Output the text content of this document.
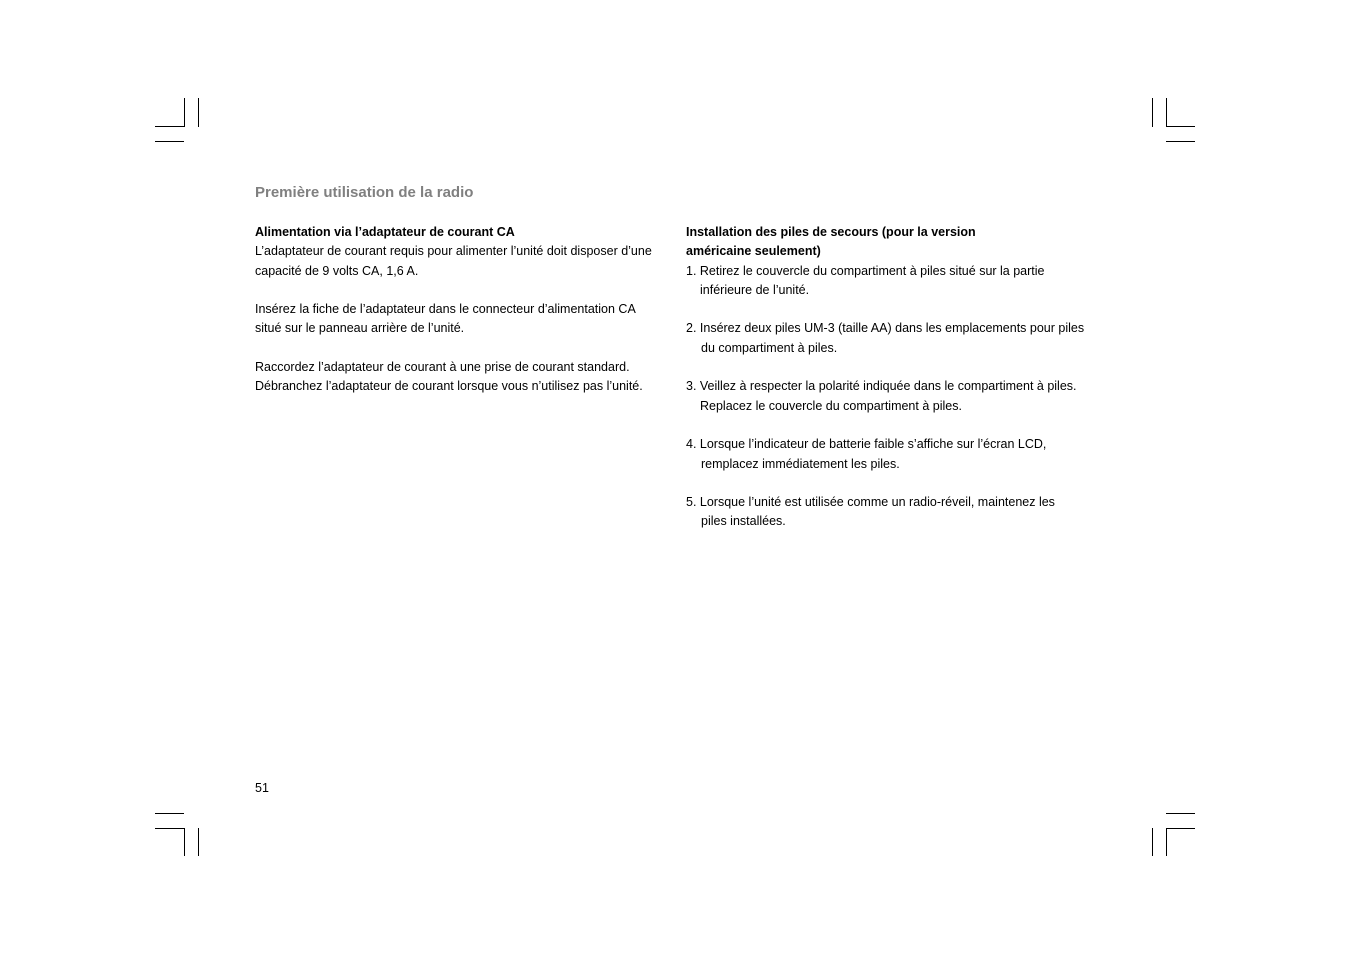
Première utilisation de la radio
Alimentation via l’adaptateur de courant CA
L’adaptateur de courant requis pour alimenter l’unité doit disposer d’une
capacité de 9 volts CA, 1,6 A.
Insérez la fiche de l’adaptateur dans le connecteur d’alimentation CA
situé sur le panneau arrière de l’unité.
Raccordez l’adaptateur de courant à une prise de courant standard.
Débranchez l’adaptateur de courant lorsque vous n’utilisez pas l’unité.
Installation des piles de secours (pour la version
américaine seulement)
1. Retirez le couvercle du compartiment à piles situé sur la partie
inférieure de l’unité.
2. Insérez deux piles UM-3 (taille AA) dans les emplacements pour piles
du compartiment à piles.
3. Veillez à respecter la polarité indiquée dans le compartiment à piles.
Replacez le couvercle du compartiment à piles.
4. Lorsque l’indicateur de batterie faible s’affiche sur l’écran LCD,
remplacez immédiatement les piles.
5. Lorsque l’unité est utilisée comme un radio-réveil, maintenez les
piles installées.
51
